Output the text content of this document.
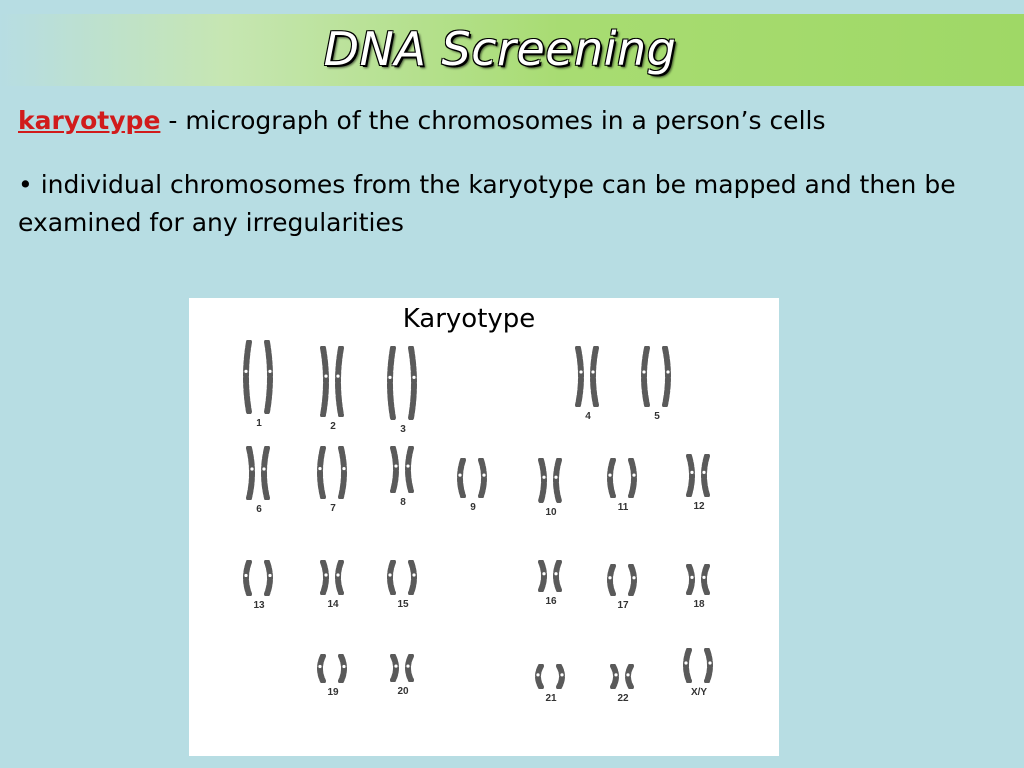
DNA Screening
karyotype - micrograph of the chromosomes in a person’s cells
• individual chromosomes from the karyotype can be mapped and then be examined for any irregularities
Karyotype
1	2	3
4	5
6	7
8	9	10	11	12
13	14	15	16	17	18
19	20
21	22
X/Y
